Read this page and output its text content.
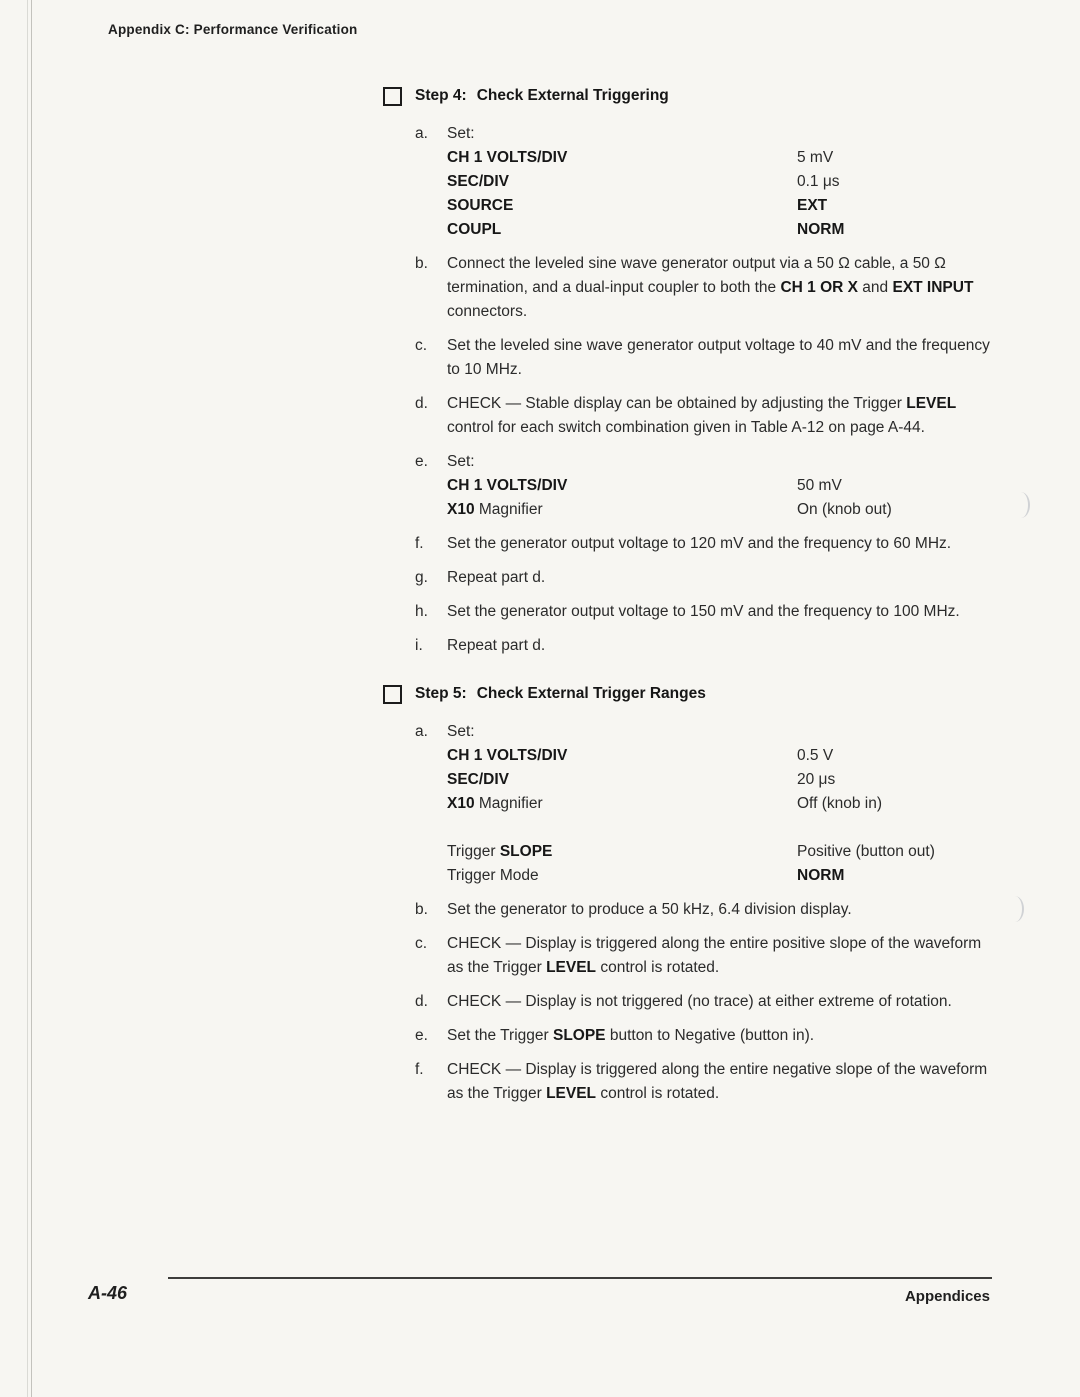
Appendix C: Performance Verification
Step 4: Check External Triggering
a.	Set:
CH 1 VOLTS/DIV	5 mV
SEC/DIV	0.1 μs
SOURCE	EXT
COUPL	NORM
b.	Connect the leveled sine wave generator output via a 50 Ω cable, a 50 Ω termination, and a dual-input coupler to both the CH 1 OR X and EXT INPUT connectors.
c.	Set the leveled sine wave generator output voltage to 40 mV and the frequency to 10 MHz.
d.	CHECK — Stable display can be obtained by adjusting the Trigger LEVEL control for each switch combination given in Table A-12 on page A-44.
e.	Set:
CH 1 VOLTS/DIV	50 mV
X10 Magnifier	On (knob out)
f.	Set the generator output voltage to 120 mV and the frequency to 60 MHz.
g.	Repeat part d.
h.	Set the generator output voltage to 150 mV and the frequency to 100 MHz.
i.	Repeat part d.
Step 5: Check External Trigger Ranges
a.	Set:
CH 1 VOLTS/DIV	0.5 V
SEC/DIV	20 μs
X10 Magnifier	Off (knob in)
Trigger SLOPE	Positive (button out)
Trigger Mode	NORM
b.	Set the generator to produce a 50 kHz, 6.4 division display.
c.	CHECK — Display is triggered along the entire positive slope of the waveform as the Trigger LEVEL control is rotated.
d.	CHECK — Display is not triggered (no trace) at either extreme of rotation.
e.	Set the Trigger SLOPE button to Negative (button in).
f.	CHECK — Display is triggered along the entire negative slope of the waveform as the Trigger LEVEL control is rotated.
A-46	Appendices
